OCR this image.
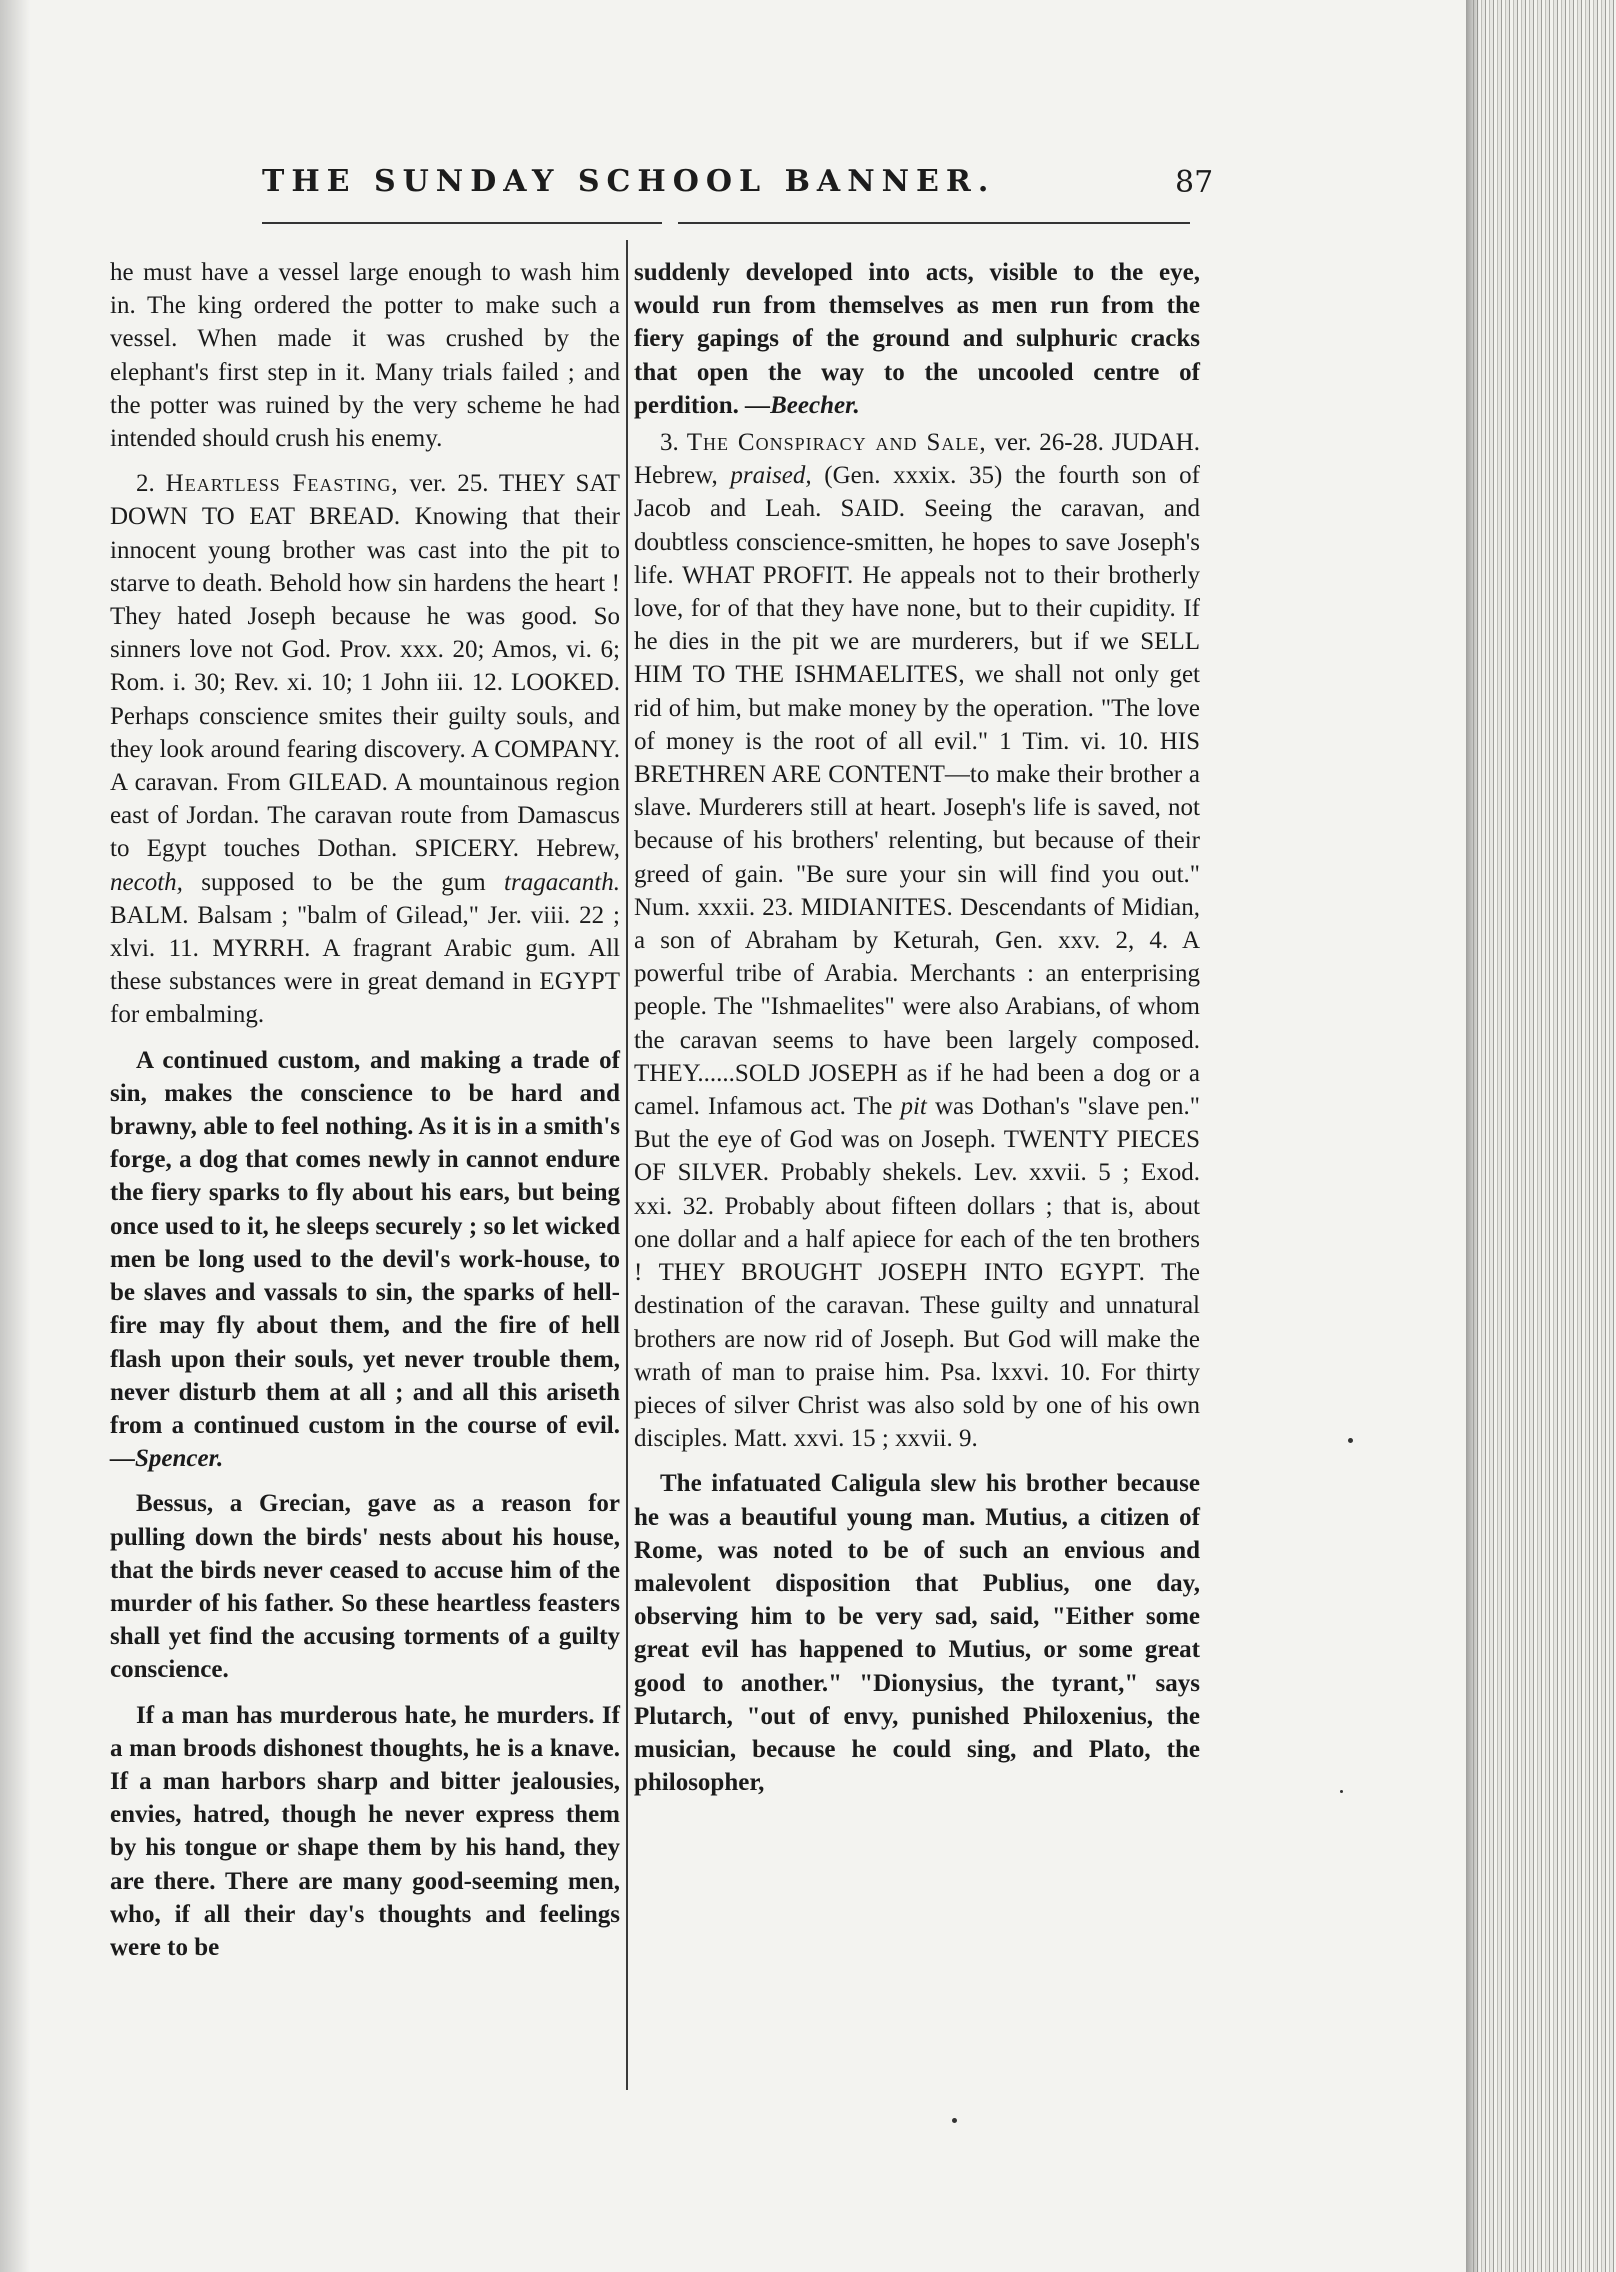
THE SUNDAY SCHOOL BANNER.	87

he must have a vessel large enough to wash him in. The king ordered the potter to make such a vessel. When made it was crushed by the elephant's first step in it. Many trials failed ; and the potter was ruined by the very scheme he had intended should crush his enemy.

2. Heartless Feasting, ver. 25. THEY SAT DOWN TO EAT BREAD. Knowing that their innocent young brother was cast into the pit to starve to death. Behold how sin hardens the heart ! They hated Joseph because he was good. So sinners love not God. Prov. xxx. 20; Amos, vi. 6; Rom. i. 30; Rev. xi. 10; 1 John iii. 12. LOOKED. Perhaps conscience smites their guilty souls, and they look around fearing discovery. A COMPANY. A caravan. From GILEAD. A mountainous region east of Jordan. The caravan route from Damascus to Egypt touches Dothan. SPICERY. Hebrew, necoth, supposed to be the gum tragacanth. BALM. Balsam ; "balm of Gilead," Jer. viii. 22 ; xlvi. 11. MYRRH. A fragrant Arabic gum. All these substances were in great demand in EGYPT for embalming.

A continued custom, and making a trade of sin, makes the conscience to be hard and brawny, able to feel nothing. As it is in a smith's forge, a dog that comes newly in cannot endure the fiery sparks to fly about his ears, but being once used to it, he sleeps securely ; so let wicked men be long used to the devil's work-house, to be slaves and vassals to sin, the sparks of hell-fire may fly about them, and the fire of hell flash upon their souls, yet never trouble them, never disturb them at all ; and all this ariseth from a continued custom in the course of evil. —Spencer.

Bessus, a Grecian, gave as a reason for pulling down the birds' nests about his house, that the birds never ceased to accuse him of the murder of his father. So these heartless feasters shall yet find the accusing torments of a guilty conscience.

If a man has murderous hate, he murders. If a man broods dishonest thoughts, he is a knave. If a man harbors sharp and bitter jealousies, envies, hatred, though he never express them by his tongue or shape them by his hand, they are there. There are many good-seeming men, who, if all their day's thoughts and feelings were to be

suddenly developed into acts, visible to the eye, would run from themselves as men run from the fiery gapings of the ground and sulphuric cracks that open the way to the uncooled centre of perdition. —Beecher.

3. The Conspiracy and Sale, ver. 26-28. JUDAH. Hebrew, praised, (Gen. xxxix. 35) the fourth son of Jacob and Leah. SAID. Seeing the caravan, and doubtless conscience-smitten, he hopes to save Joseph's life. WHAT PROFIT. He appeals not to their brotherly love, for of that they have none, but to their cupidity. If he dies in the pit we are murderers, but if we SELL HIM TO THE ISHMAELITES, we shall not only get rid of him, but make money by the operation. "The love of money is the root of all evil." 1 Tim. vi. 10. HIS BRETHREN ARE CONTENT—to make their brother a slave. Murderers still at heart. Joseph's life is saved, not because of his brothers' relenting, but because of their greed of gain. "Be sure your sin will find you out." Num. xxxii. 23. MIDIANITES. Descendants of Midian, a son of Abraham by Keturah, Gen. xxv. 2, 4. A powerful tribe of Arabia. Merchants : an enterprising people. The "Ishmaelites" were also Arabians, of whom the caravan seems to have been largely composed. THEY......SOLD JOSEPH as if he had been a dog or a camel. Infamous act. The pit was Dothan's "slave pen." But the eye of God was on Joseph. TWENTY PIECES OF SILVER. Probably shekels. Lev. xxvii. 5 ; Exod. xxi. 32. Probably about fifteen dollars ; that is, about one dollar and a half apiece for each of the ten brothers ! THEY BROUGHT JOSEPH INTO EGYPT. The destination of the caravan. These guilty and unnatural brothers are now rid of Joseph. But God will make the wrath of man to praise him. Psa. lxxvi. 10. For thirty pieces of silver Christ was also sold by one of his own disciples. Matt. xxvi. 15 ; xxvii. 9.

The infatuated Caligula slew his brother because he was a beautiful young man. Mutius, a citizen of Rome, was noted to be of such an envious and malevolent disposition that Publius, one day, observing him to be very sad, said, "Either some great evil has happened to Mutius, or some great good to another." "Dionysius, the tyrant," says Plutarch, "out of envy, punished Philoxenius, the musician, because he could sing, and Plato, the philosopher,
